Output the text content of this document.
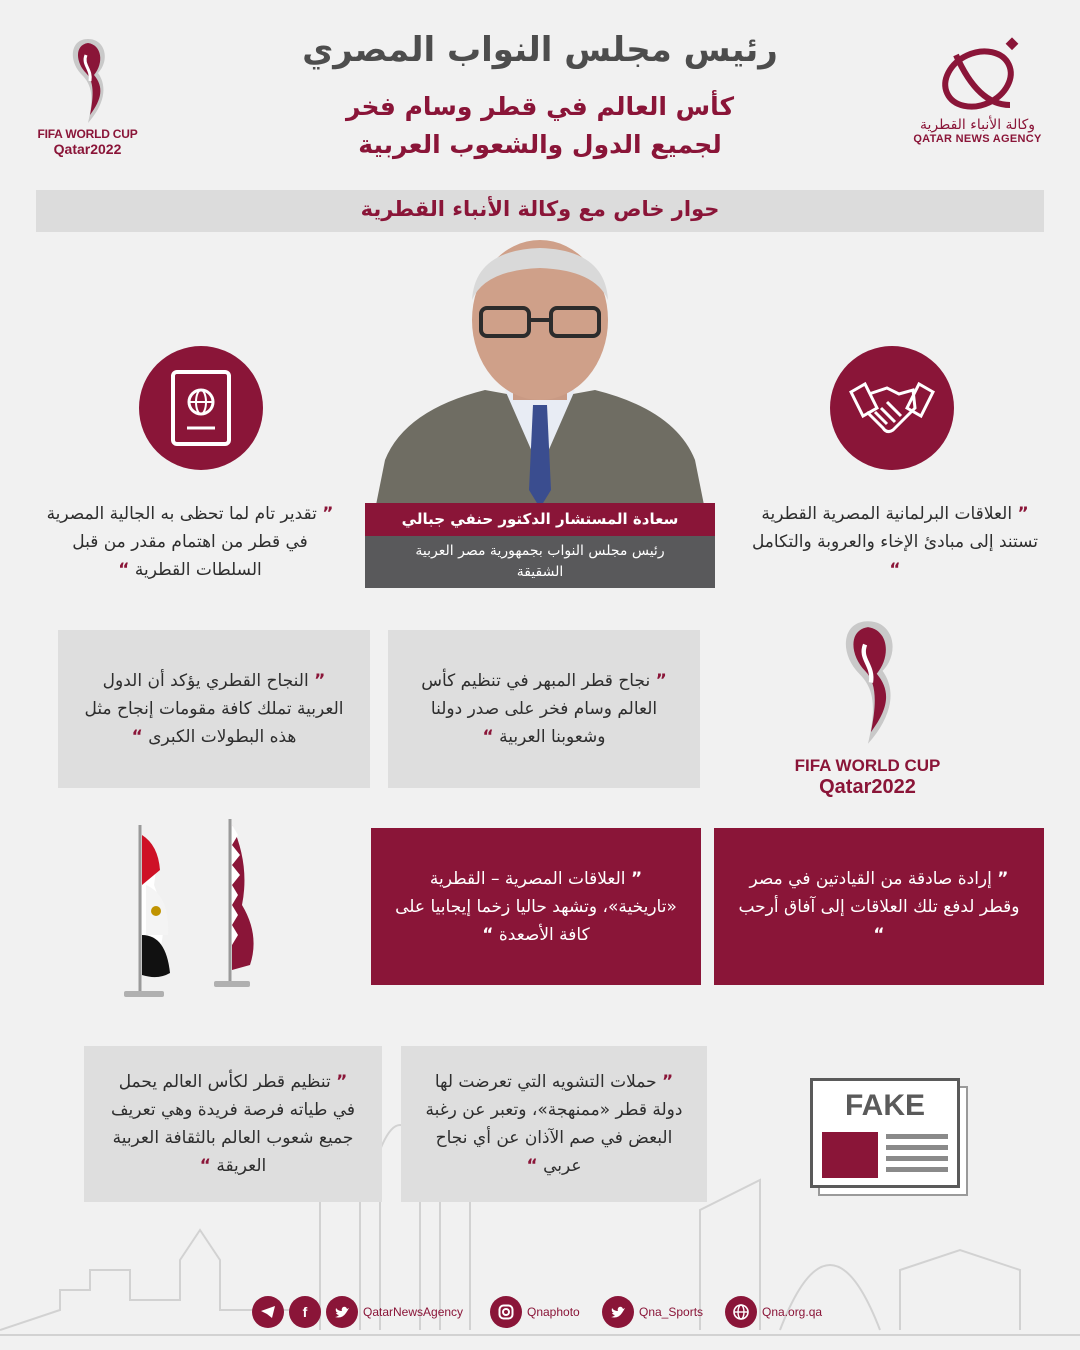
FIFA WORLD CUP
Qatar2022
وكالة الأنباء القطرية
QATAR NEWS AGENCY
رئيس مجلس النواب المصري
كأس العالم في قطر وسام فخر
لجميع الدول والشعوب العربية
حوار خاص مع وكالة الأنباء القطرية
سعادة المستشار الدكتور حنفي جبالي
رئيس مجلس النواب بجمهورية مصر العربية الشقيقة
” تقدير تام لما تحظى به الجالية المصرية في قطر من اهتمام مقدر من قبل السلطات القطرية “
” العلاقات البرلمانية المصرية القطرية تستند إلى مبادئ الإخاء والعروبة والتكامل “
” النجاح القطري يؤكد أن الدول العربية تملك كافة مقومات إنجاح مثل هذه البطولات الكبرى “
” نجاح قطر المبهر في تنظيم كأس العالم وسام فخر على صدر دولنا وشعوبنا العربية “
FIFA WORLD CUP
Qatar2022
” العلاقات المصرية – القطرية «تاريخية»، وتشهد حاليا زخما إيجابيا على كافة الأصعدة “
” إرادة صادقة من القيادتين في مصر وقطر لدفع تلك العلاقات إلى آفاق أرحب “
” تنظيم قطر لكأس العالم يحمل في طياته فرصة فريدة وهي تعريف جميع شعوب العالم بالثقافة العربية العريقة “
” حملات التشويه التي تعرضت لها دولة قطر «ممنهجة»، وتعبر عن رغبة البعض في صم الآذان عن أي نجاح عربي “
FAKE
f	QatarNewsAgency	Qnaphoto	Qna_Sports	Qna.org.qa
